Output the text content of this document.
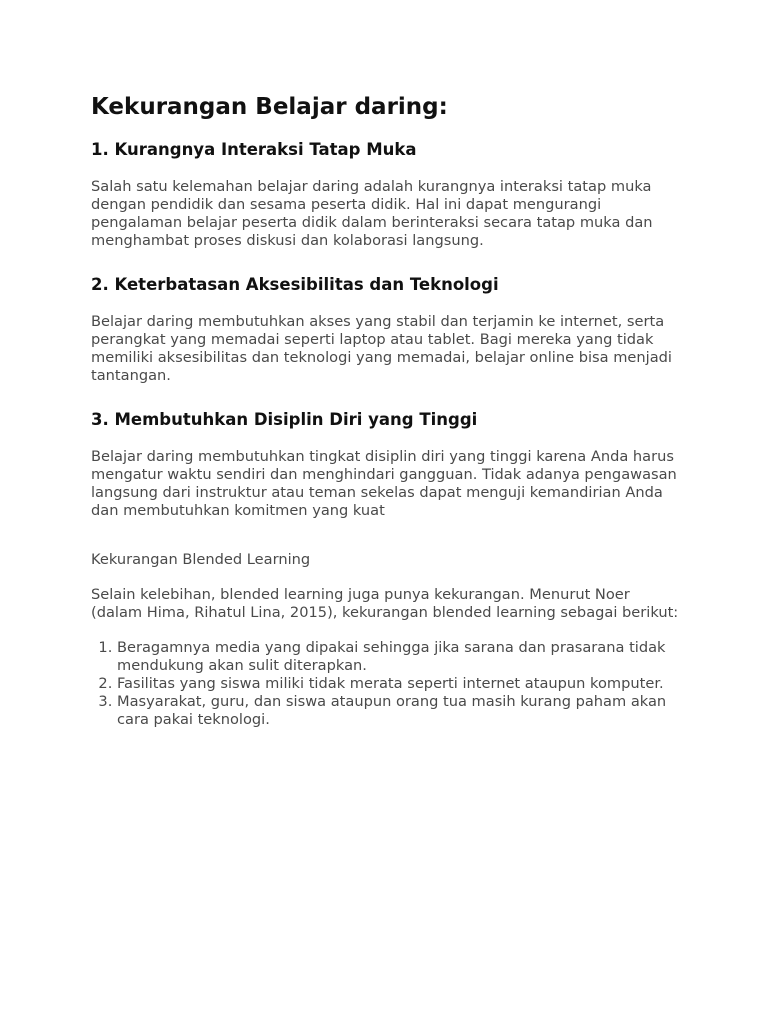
Kekurangan Belajar daring:
1. Kurangnya Interaksi Tatap Muka

Salah satu kelemahan belajar daring adalah kurangnya interaksi tatap muka dengan pendidik dan sesama peserta didik. Hal ini dapat mengurangi pengalaman belajar peserta didik dalam berinteraksi secara tatap muka dan menghambat proses diskusi dan kolaborasi langsung.

2. Keterbatasan Aksesibilitas dan Teknologi

Belajar daring membutuhkan akses yang stabil dan terjamin ke internet, serta perangkat yang memadai seperti laptop atau tablet. Bagi mereka yang tidak memiliki aksesibilitas dan teknologi yang memadai, belajar online bisa menjadi tantangan.

3. Membutuhkan Disiplin Diri yang Tinggi

Belajar daring membutuhkan tingkat disiplin diri yang tinggi karena Anda harus mengatur waktu sendiri dan menghindari gangguan. Tidak adanya pengawasan langsung dari instruktur atau teman sekelas dapat menguji kemandirian Anda dan membutuhkan komitmen yang kuat

Kekurangan Blended Learning

Selain kelebihan, blended learning juga punya kekurangan. Menurut Noer (dalam Hima, Rihatul Lina, 2015), kekurangan blended learning sebagai berikut:

1. Beragamnya media yang dipakai sehingga jika sarana dan prasarana tidak mendukung akan sulit diterapkan.
2. Fasilitas yang siswa miliki tidak merata seperti internet ataupun komputer.
3. Masyarakat, guru, dan siswa ataupun orang tua masih kurang paham akan cara pakai teknologi.
